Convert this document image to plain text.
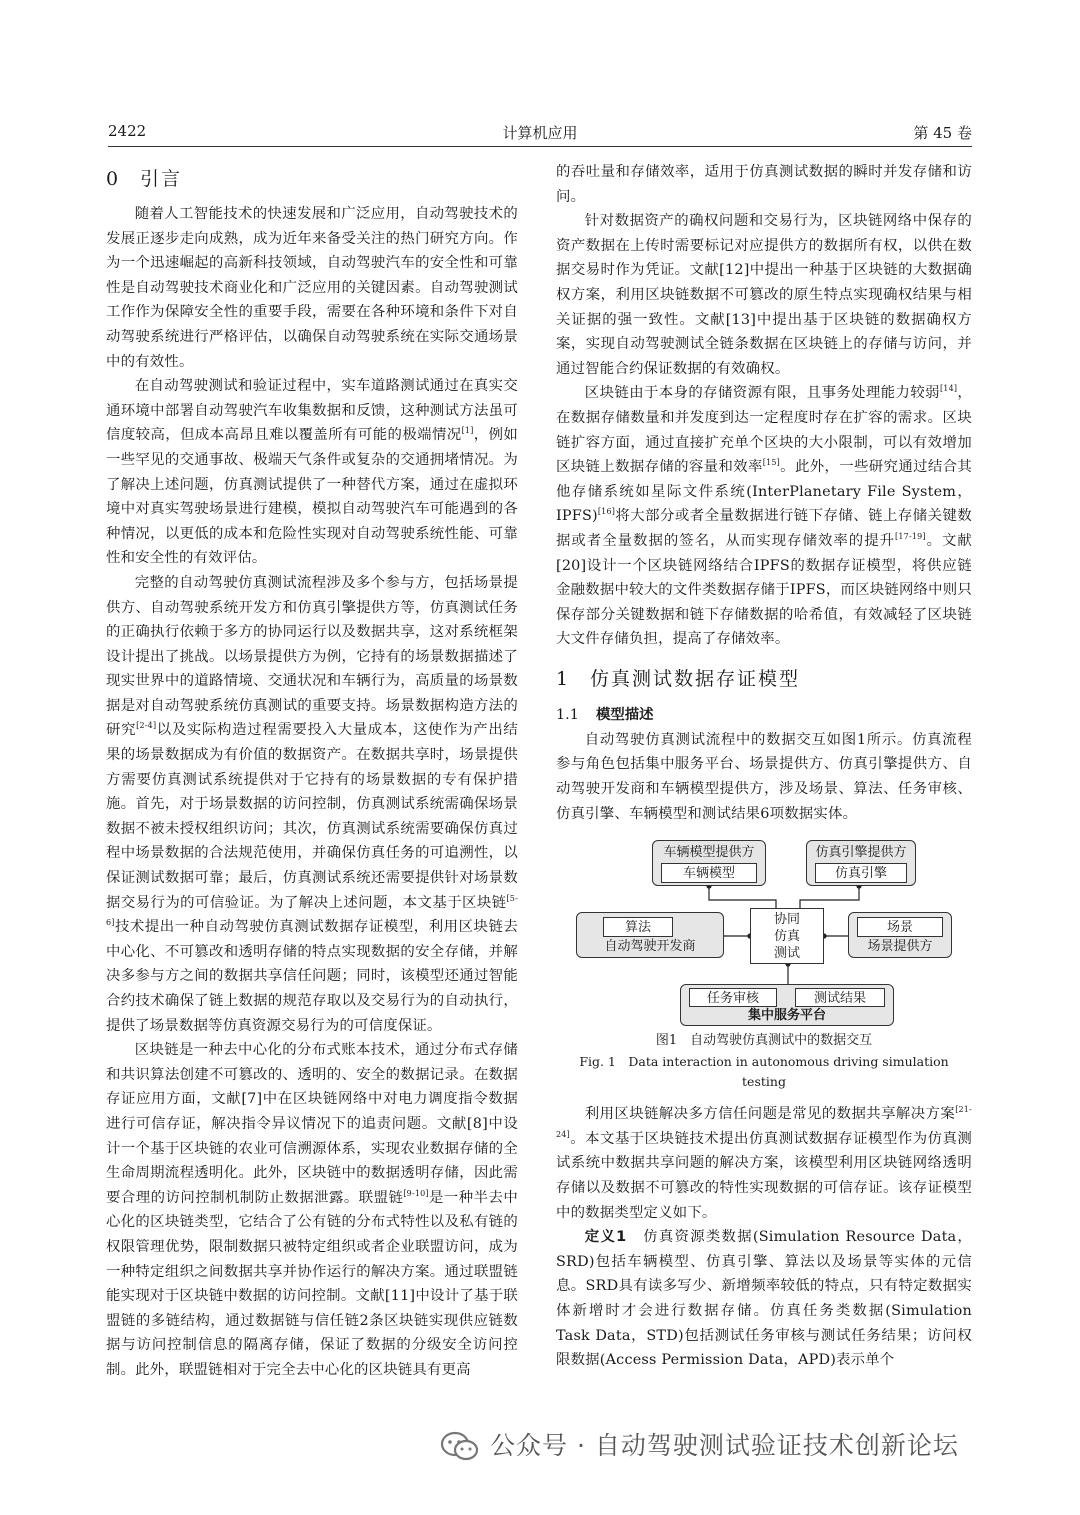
2422	计算机应用	第 45 卷
0 引言

随着人工智能技术的快速发展和广泛应用，自动驾驶技术的发展正逐步走向成熟，成为近年来备受关注的热门研究方向。作为一个迅速崛起的高新科技领域，自动驾驶汽车的安全性和可靠性是自动驾驶技术商业化和广泛应用的关键因素。自动驾驶测试工作作为保障安全性的重要手段，需要在各种环境和条件下对自动驾驶系统进行严格评估，以确保自动驾驶系统在实际交通场景中的有效性。

在自动驾驶测试和验证过程中，实车道路测试通过在真实交通环境中部署自动驾驶汽车收集数据和反馈，这种测试方法虽可信度较高，但成本高昂且难以覆盖所有可能的极端情况[1]，例如一些罕见的交通事故、极端天气条件或复杂的交通拥堵情况。为了解决上述问题，仿真测试提供了一种替代方案，通过在虚拟环境中对真实驾驶场景进行建模，模拟自动驾驶汽车可能遇到的各种情况，以更低的成本和危险性实现对自动驾驶系统性能、可靠性和安全性的有效评估。

完整的自动驾驶仿真测试流程涉及多个参与方，包括场景提供方、自动驾驶系统开发方和仿真引擎提供方等，仿真测试任务的正确执行依赖于多方的协同运行以及数据共享，这对系统框架设计提出了挑战。以场景提供方为例，它持有的场景数据描述了现实世界中的道路情境、交通状况和车辆行为，高质量的场景数据是对自动驾驶系统仿真测试的重要支持。场景数据构造方法的研究[2-4]以及实际构造过程需要投入大量成本，这使作为产出结果的场景数据成为有价值的数据资产。在数据共享时，场景提供方需要仿真测试系统提供对于它持有的场景数据的专有保护措施。首先，对于场景数据的访问控制，仿真测试系统需确保场景数据不被未授权组织访问；其次，仿真测试系统需要确保仿真过程中场景数据的合法规范使用，并确保仿真任务的可追溯性，以保证测试数据可靠；最后，仿真测试系统还需要提供针对场景数据交易行为的可信验证。为了解决上述问题，本文基于区块链[5-6]技术提出一种自动驾驶仿真测试数据存证模型，利用区块链去中心化、不可篡改和透明存储的特点实现数据的安全存储，并解决多参与方之间的数据共享信任问题；同时，该模型还通过智能合约技术确保了链上数据的规范存取以及交易行为的自动执行，提供了场景数据等仿真资源交易行为的可信度保证。

区块链是一种去中心化的分布式账本技术，通过分布式存储和共识算法创建不可篡改的、透明的、安全的数据记录。在数据存证应用方面，文献[7]中在区块链网络中对电力调度指令数据进行可信存证，解决指令异议情况下的追责问题。文献[8]中设计一个基于区块链的农业可信溯源体系，实现农业数据存储的全生命周期流程透明化。此外，区块链中的数据透明存储，因此需要合理的访问控制机制防止数据泄露。联盟链[9-10]是一种半去中心化的区块链类型，它结合了公有链的分布式特性以及私有链的权限管理优势，限制数据只被特定组织或者企业联盟访问，成为一种特定组织之间数据共享并协作运行的解决方案。通过联盟链能实现对于区块链中数据的访问控制。文献[11]中设计了基于联盟链的多链结构，通过数据链与信任链2条区块链实现供应链数据与访问控制信息的隔离存储，保证了数据的分级安全访问控制。此外，联盟链相对于完全去中心化的区块链具有更高

的吞吐量和存储效率，适用于仿真测试数据的瞬时并发存储和访问。

针对数据资产的确权问题和交易行为，区块链网络中保存的资产数据在上传时需要标记对应提供方的数据所有权，以供在数据交易时作为凭证。文献[12]中提出一种基于区块链的大数据确权方案，利用区块链数据不可篡改的原生特点实现确权结果与相关证据的强一致性。文献[13]中提出基于区块链的数据确权方案，实现自动驾驶测试全链条数据在区块链上的存储与访问，并通过智能合约保证数据的有效确权。

区块链由于本身的存储资源有限，且事务处理能力较弱[14]，在数据存储数量和并发度到达一定程度时存在扩容的需求。区块链扩容方面，通过直接扩充单个区块的大小限制，可以有效增加区块链上数据存储的容量和效率[15]。此外，一些研究通过结合其他存储系统如星际文件系统(InterPlanetary File System，IPFS)[16]将大部分或者全量数据进行链下存储、链上存储关键数据或者全量数据的签名，从而实现存储效率的提升[17-19]。文献[20]设计一个区块链网络结合IPFS的数据存证模型，将供应链金融数据中较大的文件类数据存储于IPFS，而区块链网络中则只保存部分关键数据和链下存储数据的哈希值，有效减轻了区块链大文件存储负担，提高了存储效率。

1 仿真测试数据存证模型
1.1 模型描述

自动驾驶仿真测试流程中的数据交互如图1所示。仿真流程参与角色包括集中服务平台、场景提供方、仿真引擎提供方、自动驾驶开发商和车辆模型提供方，涉及场景、算法、任务审核、仿真引擎、车辆模型和测试结果6项数据实体。

车辆模型提供方
车辆模型
仿真引擎提供方
仿真引擎
协同
仿真
测试
算法
自动驾驶开发商
场景
场景提供方
任务审核	测试结果
集中服务平台
图1　自动驾驶仿真测试中的数据交互
Fig. 1　Data interaction in autonomous driving simulation testing

利用区块链解决多方信任问题是常见的数据共享解决方案[21-24]。本文基于区块链技术提出仿真测试数据存证模型作为仿真测试系统中数据共享问题的解决方案，该模型利用区块链网络透明存储以及数据不可篡改的特性实现数据的可信存证。该存证模型中的数据类型定义如下。

定义1　 仿真资源类数据(Simulation Resource Data，SRD)包括车辆模型、仿真引擎、算法以及场景等实体的元信息。SRD具有读多写少、新增频率较低的特点，只有特定数据实体新增时才会进行数据存储。仿真任务类数据(Simulation Task Data，STD)包括测试任务审核与测试任务结果；访问权限数据(Access Permission Data，APD)表示单个

公众号 · 自动驾驶测试验证技术创新论坛
